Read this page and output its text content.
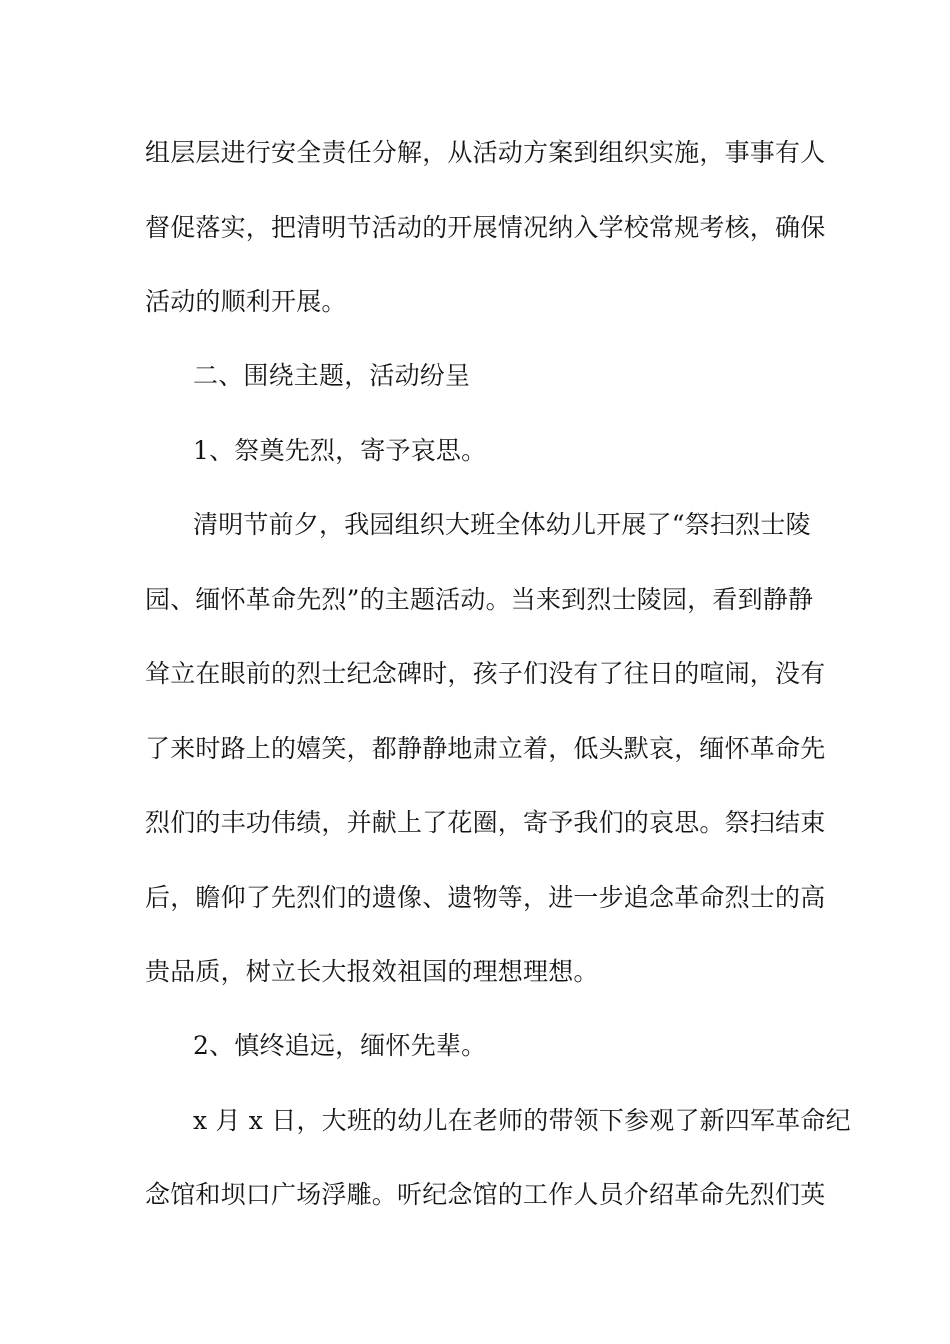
组层层进行安全责任分解，从活动方案到组织实施，事事有人
督促落实，把清明节活动的开展情况纳入学校常规考核，确保
活动的顺利开展。
二、围绕主题，活动纷呈
1、祭奠先烈，寄予哀思。
清明节前夕，我园组织大班全体幼儿开展了“祭扫烈士陵
园、缅怀革命先烈”的主题活动。当来到烈士陵园，看到静静
耸立在眼前的烈士纪念碑时，孩子们没有了往日的喧闹，没有
了来时路上的嬉笑，都静静地肃立着，低头默哀，缅怀革命先
烈们的丰功伟绩，并献上了花圈，寄予我们的哀思。祭扫结束
后，瞻仰了先烈们的遗像、遗物等，进一步追念革命烈士的高
贵品质，树立长大报效祖国的理想理想。
2、慎终追远，缅怀先辈。
x 月 x 日，大班的幼儿在老师的带领下参观了新四军革命纪
念馆和坝口广场浮雕。听纪念馆的工作人员介绍革命先烈们英
